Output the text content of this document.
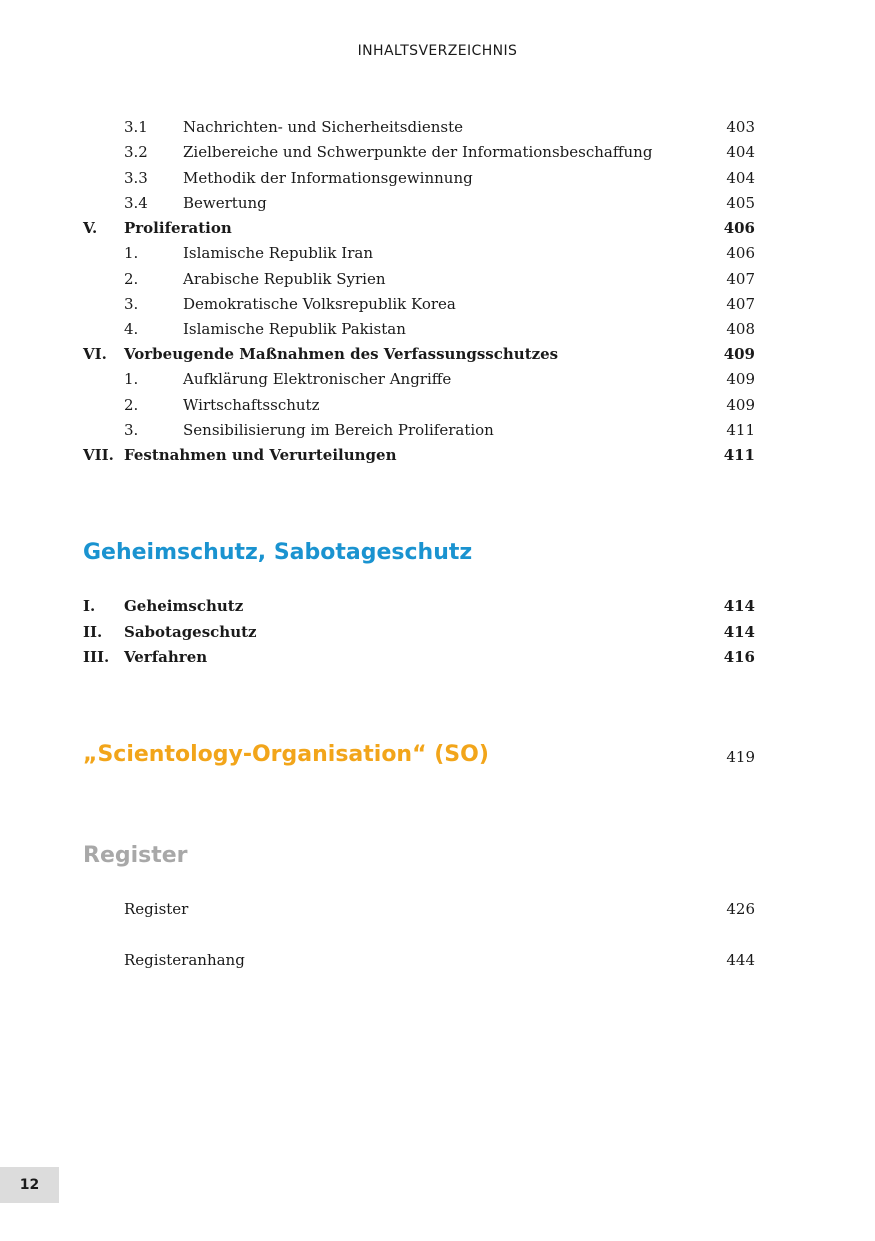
INHALTSVERZEICHNIS
3.1 Nachrichten- und Sicherheitsdienste	403
3.2 Zielbereiche und Schwerpunkte der Informationsbeschaffung	404
3.3 Methodik der Informationsgewinnung	404
3.4 Bewertung	405
V. Proliferation	406
1.	Islamische Republik Iran	406
2.	Arabische Republik Syrien	407
3.	Demokratische Volksrepublik Korea	407
4.	Islamische Republik Pakistan	408
VI. Vorbeugende Maßnahmen des Verfassungsschutzes	409
1.	Aufklärung Elektronischer Angriffe	409
2.	Wirtschaftsschutz	409
3.	Sensibilisierung im Bereich Proliferation	411
VII. Festnahmen und Verurteilungen	411
Geheimschutz, Sabotageschutz
I. Geheimschutz	414
II. Sabotageschutz	414
III. Verfahren	416
„Scientology-Organisation“ (SO)	419
Register
Register	426
Registeranhang	444
12
